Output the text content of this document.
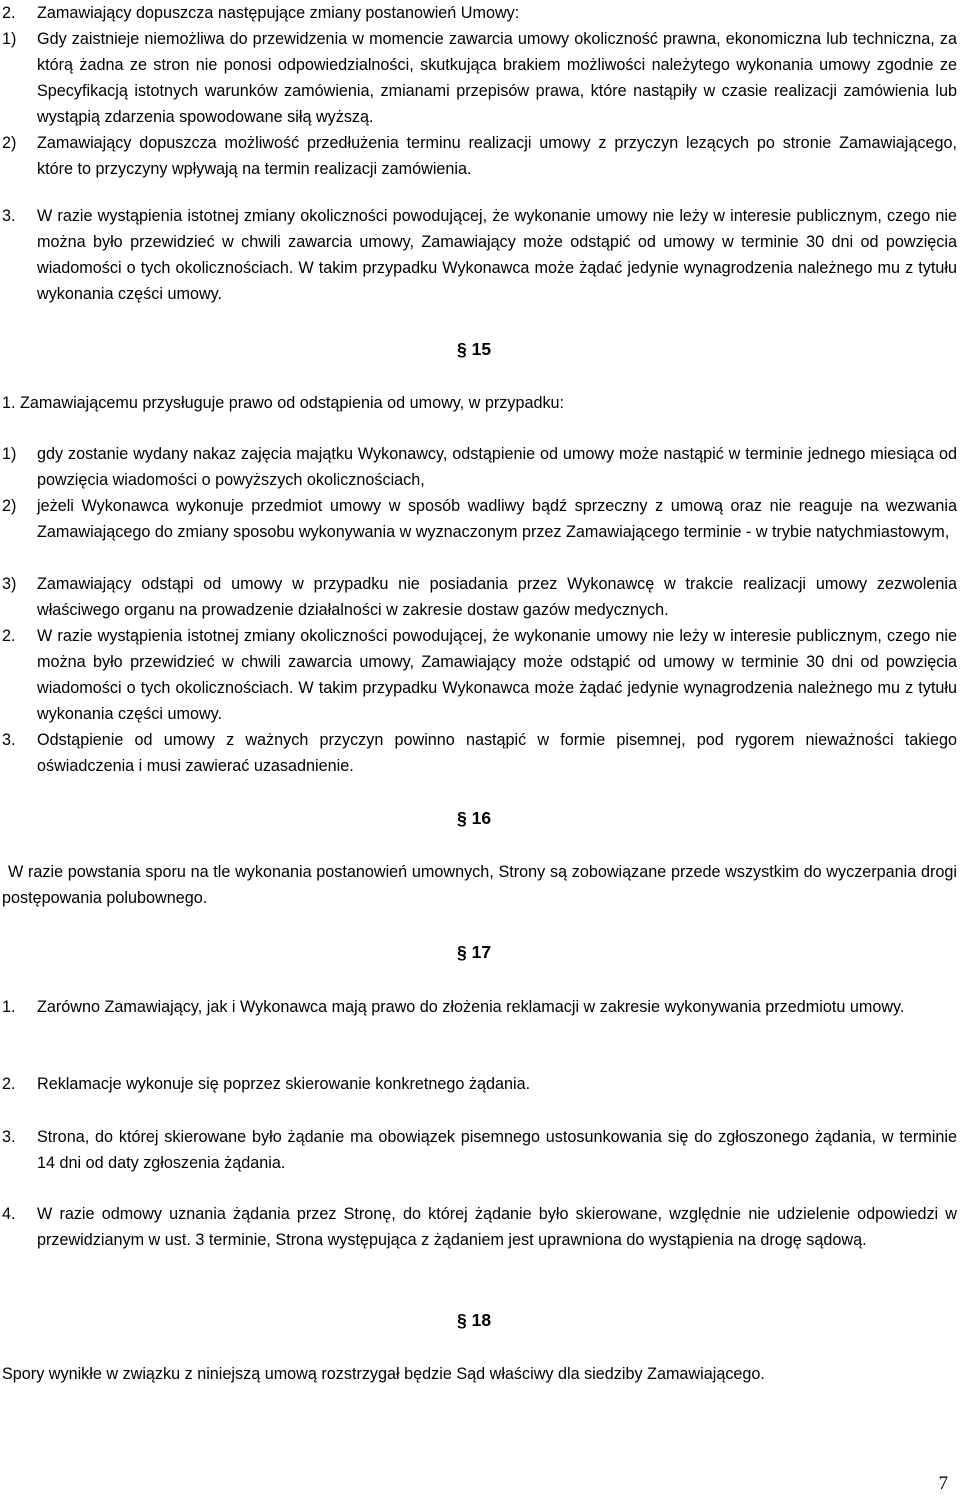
2. Zamawiający dopuszcza następujące zmiany postanowień Umowy:
1) Gdy zaistnieje niemożliwa do przewidzenia w momencie zawarcia umowy okoliczność prawna, ekonomiczna lub techniczna, za którą żadna ze stron nie ponosi odpowiedzialności, skutkująca brakiem możliwości należytego wykonania umowy zgodnie ze Specyfikacją istotnych warunków zamówienia, zmianami przepisów prawa, które nastąpiły w czasie realizacji zamówienia lub wystąpią zdarzenia spowodowane siłą wyższą.
2) Zamawiający dopuszcza możliwość przedłużenia terminu realizacji umowy z przyczyn lezących po stronie Zamawiającego, które to przyczyny wpływają na termin realizacji zamówienia.
3. W razie wystąpienia istotnej zmiany okoliczności powodującej, że wykonanie umowy nie leży w interesie publicznym, czego nie można było przewidzieć w chwili zawarcia umowy, Zamawiający może odstąpić od umowy w terminie 30 dni od powzięcia wiadomości o tych okolicznościach. W takim przypadku Wykonawca może żądać jedynie wynagrodzenia należnego mu z tytułu wykonania części umowy.
§ 15
1. Zamawiającemu przysługuje prawo od odstąpienia od umowy, w przypadku:
1) gdy zostanie wydany nakaz zajęcia majątku Wykonawcy, odstąpienie od umowy może nastąpić w terminie jednego miesiąca od powzięcia wiadomości o powyższych okolicznościach,
2) jeżeli Wykonawca wykonuje przedmiot umowy w sposób wadliwy bądź sprzeczny z umową oraz nie reaguje na wezwania Zamawiającego do zmiany sposobu wykonywania w wyznaczonym przez Zamawiającego terminie - w trybie natychmiastowym,
3) Zamawiający odstąpi od umowy w przypadku nie posiadania przez Wykonawcę w trakcie realizacji umowy zezwolenia właściwego organu na prowadzenie działalności w zakresie dostaw gazów medycznych.
2. W razie wystąpienia istotnej zmiany okoliczności powodującej, że wykonanie umowy nie leży w interesie publicznym, czego nie można było przewidzieć w chwili zawarcia umowy, Zamawiający może odstąpić od umowy w terminie 30 dni od powzięcia wiadomości o tych okolicznościach. W takim przypadku Wykonawca może żądać jedynie wynagrodzenia należnego mu z tytułu wykonania części umowy.
3. Odstąpienie od umowy z ważnych przyczyn powinno nastąpić w formie pisemnej, pod rygorem nieważności takiego oświadczenia i musi zawierać uzasadnienie.
§ 16
W razie powstania sporu na tle wykonania postanowień umownych, Strony są zobowiązane przede wszystkim do wyczerpania drogi postępowania polubownego.
§ 17
1. Zarówno Zamawiający, jak i Wykonawca mają prawo do złożenia reklamacji w zakresie wykonywania przedmiotu umowy.
2. Reklamacje wykonuje się poprzez skierowanie konkretnego żądania.
3. Strona, do której skierowane było żądanie ma obowiązek pisemnego ustosunkowania się do zgłoszonego żądania, w terminie 14 dni od daty zgłoszenia żądania.
4. W razie odmowy uznania żądania przez Stronę, do której żądanie było skierowane, względnie nie udzielenie odpowiedzi w przewidzianym w ust. 3 terminie, Strona występująca z żądaniem jest uprawniona do wystąpienia na drogę sądową.
§ 18
Spory wynikłe w związku z niniejszą umową rozstrzygał będzie Sąd właściwy dla siedziby Zamawiającego.
7
